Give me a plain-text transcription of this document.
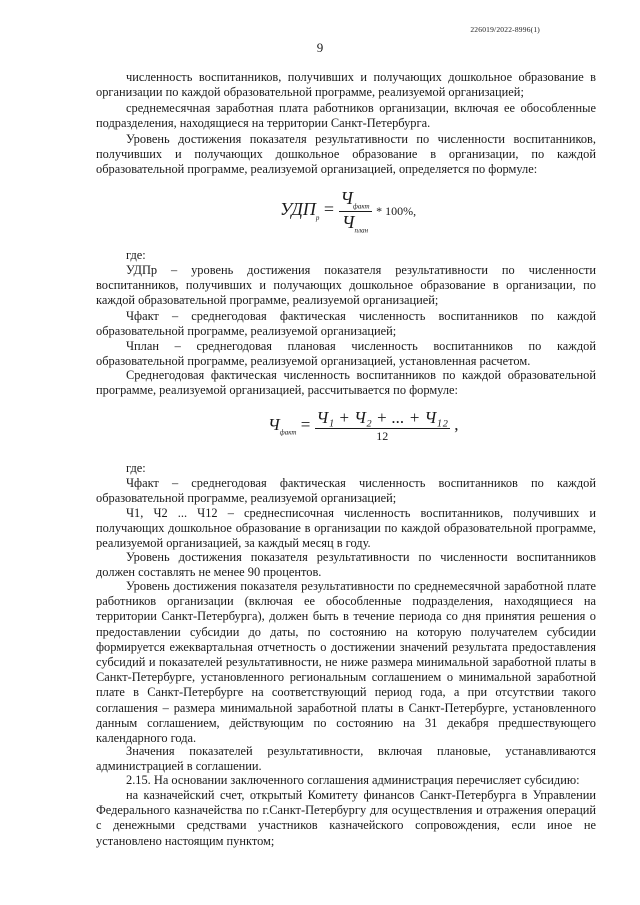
226019/2022-8996(1)
9

численность воспитанников, получивших и получающих дошкольное образование в организации по каждой образовательной программе, реализуемой организацией;

среднемесячная заработная плата работников организации, включая ее обособленные подразделения, находящиеся на территории Санкт-Петербурга.

Уровень достижения показателя результативности по численности воспитанников, получивших и получающих дошкольное образование в организации, по каждой образовательной программе, реализуемой организацией, определяется по формуле:

$УДП_р = \frac{Ч_{факт}}{Ч_{план}} * 100\%$,

где:

УДПр – уровень достижения показателя результативности по численности воспитанников, получивших и получающих дошкольное образование в организации, по каждой образовательной программе, реализуемой организацией;

Чфакт – среднегодовая фактическая численность воспитанников по каждой образовательной программе, реализуемой организацией;

Чплан – среднегодовая плановая численность воспитанников по каждой образовательной программе, реализуемой организацией, установленная расчетом.

Среднегодовая фактическая численность воспитанников по каждой образовательной программе, реализуемой организацией, рассчитывается по формуле:

$Ч_{факт} = \frac{\text{Ч₁ + Ч₂ + ... + Ч₁₂}}{12}$ ,

где:

Чфакт – среднегодовая фактическая численность воспитанников по каждой образовательной программе, реализуемой организацией;

Ч1, Ч2 ... Ч12 – среднесписочная численность воспитанников, получивших и получающих дошкольное образование в организации по каждой образовательной программе, реализуемой организацией, за каждый месяц в году.

Уровень достижения показателя результативности по численности воспитанников должен составлять не менее 90 процентов.

Уровень достижения показателя результативности по среднемесячной заработной плате работников организации (включая ее обособленные подразделения, находящиеся на территории Санкт-Петербурга), должен быть в течение периода со дня принятия решения о предоставлении субсидии до даты, по состоянию на которую получателем субсидии формируется ежеквартальная отчетность о достижении значений результата предоставления субсидий и показателей результативности, не ниже размера минимальной заработной платы в Санкт-Петербурге, установленного региональным соглашением о минимальной заработной плате в Санкт-Петербурге на соответствующий период года, а при отсутствии такого соглашения – размера минимальной заработной платы в Санкт-Петербурге, установленного данным соглашением, действующим по состоянию на 31 декабря предшествующего календарного года.

Значения показателей результативности, включая плановые, устанавливаются администрацией в соглашении.

2.15. На основании заключенного соглашения администрация перечисляет субсидию:

на казначейский счет, открытый Комитету финансов Санкт-Петербурга в Управлении Федерального казначейства по г.Санкт-Петербургу для осуществления и отражения операций с денежными средствами участников казначейского сопровождения, если иное не установлено настоящим пунктом;
